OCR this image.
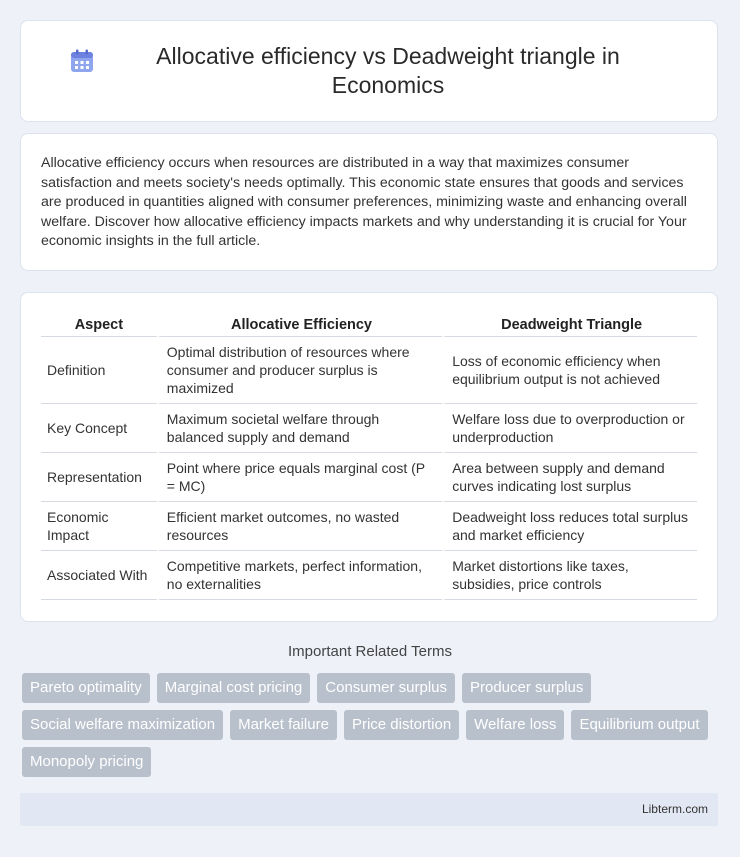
Allocative efficiency vs Deadweight triangle in Economics

Allocative efficiency occurs when resources are distributed in a way that maximizes consumer satisfaction and meets society's needs optimally. This economic state ensures that goods and services are produced in quantities aligned with consumer preferences, minimizing waste and enhancing overall welfare. Discover how allocative efficiency impacts markets and why understanding it is crucial for Your economic insights in the full article.

Aspect	Allocative Efficiency	Deadweight Triangle
Definition	Optimal distribution of resources where consumer and producer surplus is maximized	Loss of economic efficiency when equilibrium output is not achieved
Key Concept	Maximum societal welfare through balanced supply and demand	Welfare loss due to overproduction or underproduction
Representation	Point where price equals marginal cost (P = MC)	Area between supply and demand curves indicating lost surplus
Economic Impact	Efficient market outcomes, no wasted resources	Deadweight loss reduces total surplus and market efficiency
Associated With	Competitive markets, perfect information, no externalities	Market distortions like taxes, subsidies, price controls
Important Related Terms
Pareto optimality	Marginal cost pricing	Consumer surplus	Producer surplus
Social welfare maximization	Market failure	Price distortion	Welfare loss	Equilibrium output
Monopoly pricing
Libterm.com
